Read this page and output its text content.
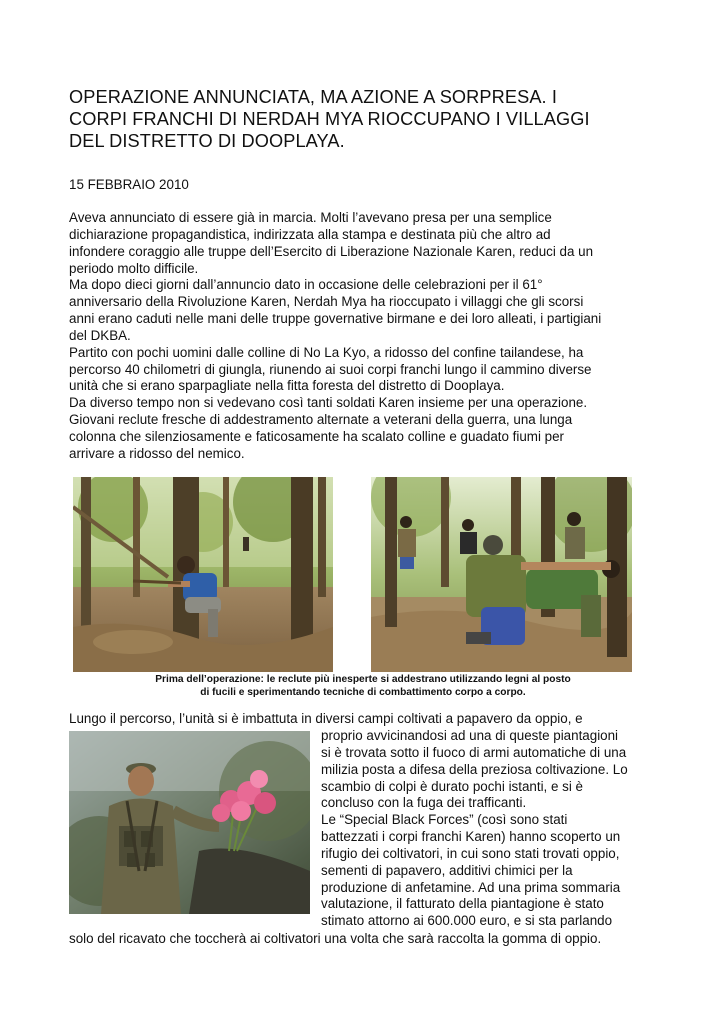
OPERAZIONE ANNUNCIATA, MA AZIONE A SORPRESA. I
CORPI FRANCHI DI NERDAH MYA RIOCCUPANO I VILLAGGI
DEL DISTRETTO DI DOOPLAYA.
15 FEBBRAIO 2010
Aveva annunciato di essere già in marcia. Molti l’avevano presa per una semplice
dichiarazione propagandistica, indirizzata alla stampa e destinata più che altro ad
infondere coraggio alle truppe dell’Esercito di Liberazione Nazionale Karen, reduci da un
periodo molto difficile.
Ma dopo dieci giorni dall’annuncio dato in occasione delle celebrazioni per il 61°
anniversario della Rivoluzione Karen, Nerdah Mya ha rioccupato i villaggi che gli scorsi
anni erano caduti nelle mani delle truppe governative birmane e dei loro alleati, i partigiani
del DKBA.
Partito con pochi uomini dalle colline di No La Kyo, a ridosso del confine tailandese, ha
percorso 40 chilometri di giungla, riunendo ai suoi corpi franchi lungo il cammino diverse
unità che si erano sparpagliate nella fitta foresta del distretto di Dooplaya.
Da diverso tempo non si vedevano così tanti soldati Karen insieme per una operazione.
Giovani reclute fresche di addestramento alternate a veterani della guerra, una lunga
colonna che silenziosamente e faticosamente ha scalato colline e guadato fiumi per
arrivare a ridosso del nemico.
Prima dell’operazione: le reclute più inesperte si addestrano utilizzando legni al posto
di fucili e sperimentando tecniche di combattimento corpo a corpo.
Lungo il percorso, l’unità si è imbattuta in diversi campi coltivati a papavero da oppio, e
proprio avvicinandosi ad una di queste piantagioni
si è trovata sotto il fuoco di armi automatiche di una
milizia posta a difesa della preziosa coltivazione. Lo
scambio di colpi è durato pochi istanti, e si è
concluso con la fuga dei trafficanti.
Le “Special Black Forces” (così sono stati
battezzati i corpi franchi Karen) hanno scoperto un
rifugio dei coltivatori, in cui sono stati trovati oppio,
sementi di papavero, additivi chimici per la
produzione di anfetamine. Ad una prima sommaria
valutazione, il fatturato della piantagione è stato
stimato attorno ai 600.000 euro, e si sta parlando
solo del ricavato che toccherà ai coltivatori una volta che sarà raccolta la gomma di oppio.
